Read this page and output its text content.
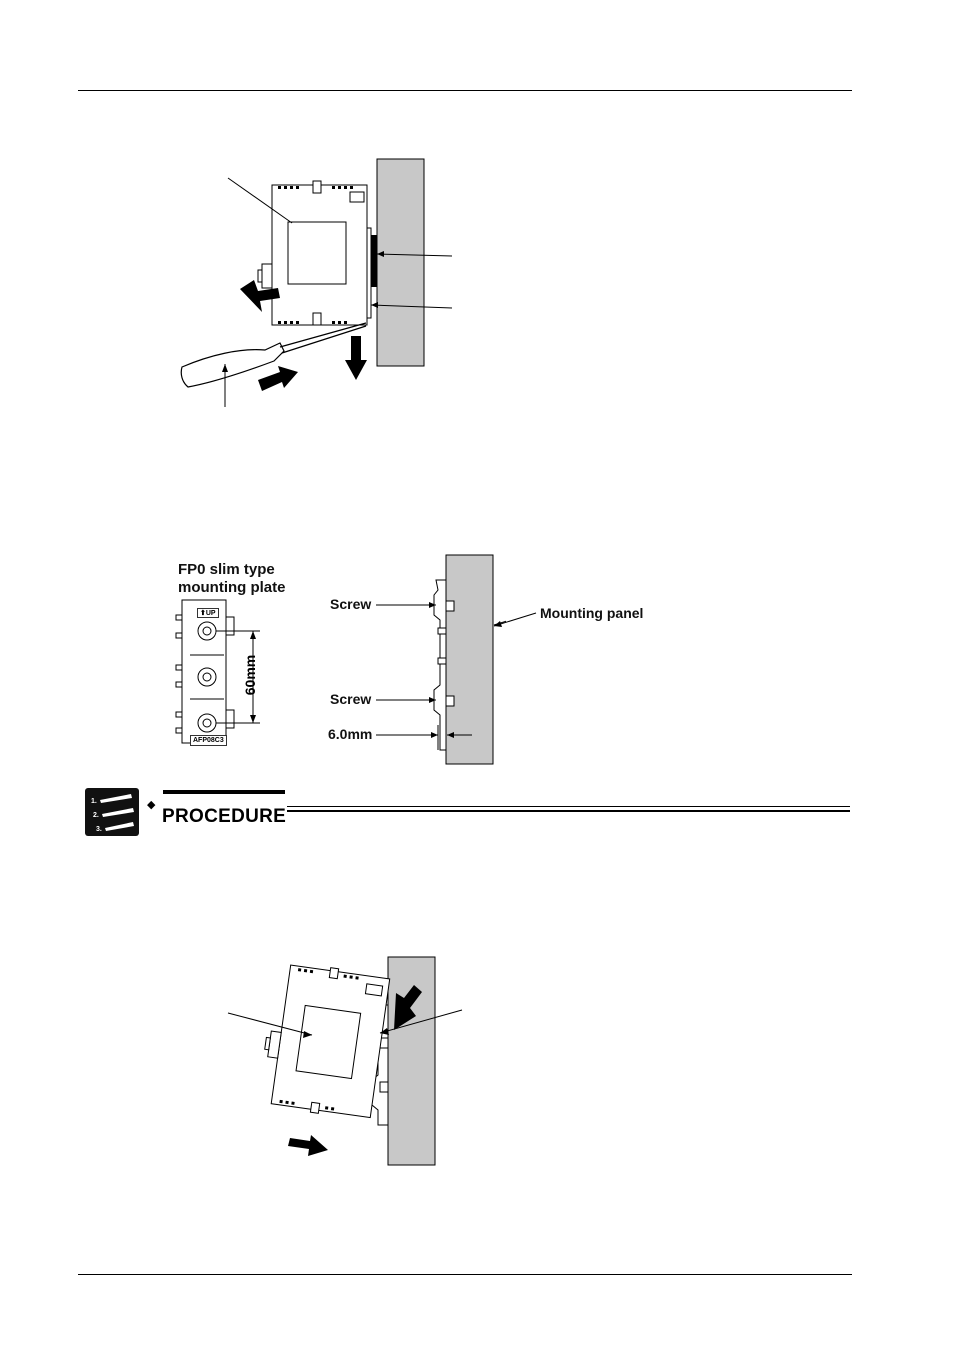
FP0 slim type
mounting plate
⬆UP
AFP08C3
60mm
Screw
Screw
6.0mm
Mounting panel
1.
2.
3.
◆
PROCEDURE
